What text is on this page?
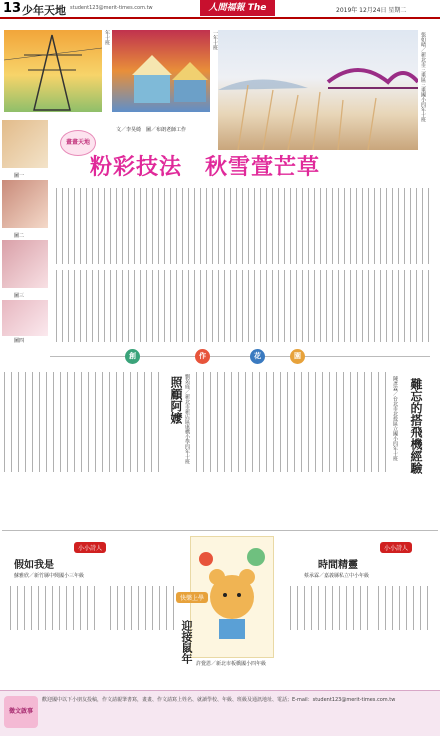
13 少年天地 student123@merit-times.com.tw	人間福報 The Merit Times
2019年 12月24日 星期二
年十班
一年十班	張如晴／新北市三重區三重國小四年十班
圖一
圖二
圖三
圖四
文／李昊綺　圖／布朗老師工作
畫畫天地
粉彩技法　秋雪萱芒草
創	作	花	園
照顧阿嬤 劉苑庭／新北市新店區康橋小學四年十班	難忘的搭飛機經驗
陳彥霖／台北市北投區立國小四年十班
小小詩人
假如我是
蘇雅欣／新竹縣中興國小三年級
快樂上學
迎接鼠年 許覺恩／新北市板橋國小四年級
小小詩人
時間精靈
蔡承霖／嘉義縣私立中小年級
徵文啟事
歡迎國中以下小朋友投稿，作文請親筆書寫，畫畫、作文請寫上姓名、就讀學校、年級、班級及通訊地址、電話；E-mail：student123@merit-times.com.tw
